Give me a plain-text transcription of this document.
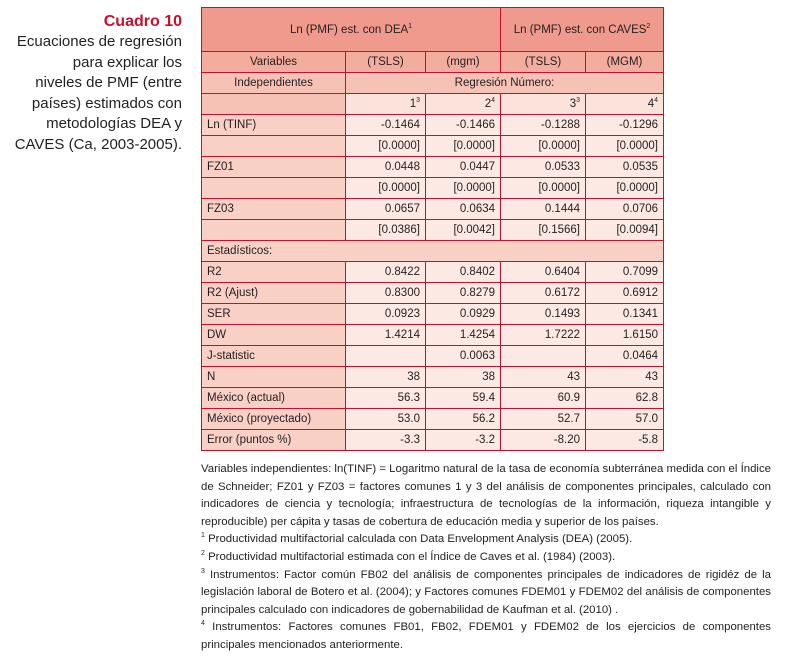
Cuadro 10
Ecuaciones de regresión
para explicar los
niveles de PMF (entre
países) estimados con
metodologías DEA y
CAVES (Ca, 2003-2005).
Ln (PMF) est. con DEA$^1$			Ln (PMF) est. con CAVES$^2$
Variables	(TSLS)	(mgm)	(TSLS)	(MGM)
Independientes	Regresión Número:			
	$1^3$	$2^4$	$3^3$	$4^4$
Ln (TINF)	-0.1464	-0.1466	-0.1288	-0.1296
	[0.0000]	[0.0000]	[0.0000]	[0.0000]
FZ01	0.0448	0.0447	0.0533	0.0535
	[0.0000]	[0.0000]	[0.0000]	[0.0000]
FZ03	0.0657	0.0634	0.1444	0.0706
	[0.0386]	[0.0042]	[0.1566]	[0.0094]
Estadísticos:				
R2	0.8422	0.8402	0.6404	0.7099
R2 (Ajust)	0.8300	0.8279	0.6172	0.6912
SER	0.0923	0.0929	0.1493	0.1341
DW	1.4214	1.4254	1.7222	1.6150
J-statistic		0.0063		0.0464
N	38	38	43	43
México (actual)	56.3	59.4	60.9	62.8
México (proyectado)	53.0	56.2	52.7	57.0
Error (puntos %)	-3.3	-3.2	-8.20	-5.8

Variables independientes: ln(TINF) = Logaritmo natural de la tasa de economía subterránea medida con el Índice de Schneider; FZ01 y FZ03 = factores comunes 1 y 3 del análisis de componentes principales, calculado con indicadores de ciencia y tecnología; infraestructura de tecnologías de la información, riqueza intangible y reproducible) per cápita y tasas de cobertura de educación media y superior de los países.

$^1$ Productividad multifactorial calculada con Data Envelopment Analysis (DEA) (2005).

$^2$ Productividad multifactorial estimada con el Índice de Caves et al. (1984) (2003).

$^3$ Instrumentos: Factor común FB02 del análisis de componentes principales de indicadores de rigidéz de la legislación laboral de Botero et al. (2004); y Factores comunes FDEM01 y FDEM02 del análisis de componentes principales calculado con indicadores de gobernabilidad de Kaufman et al. (2010) .

$^4$ Instrumentos: Factores comunes FB01, FB02, FDEM01 y FDEM02 de los ejercicios de componentes principales mencionados anteriormente.
